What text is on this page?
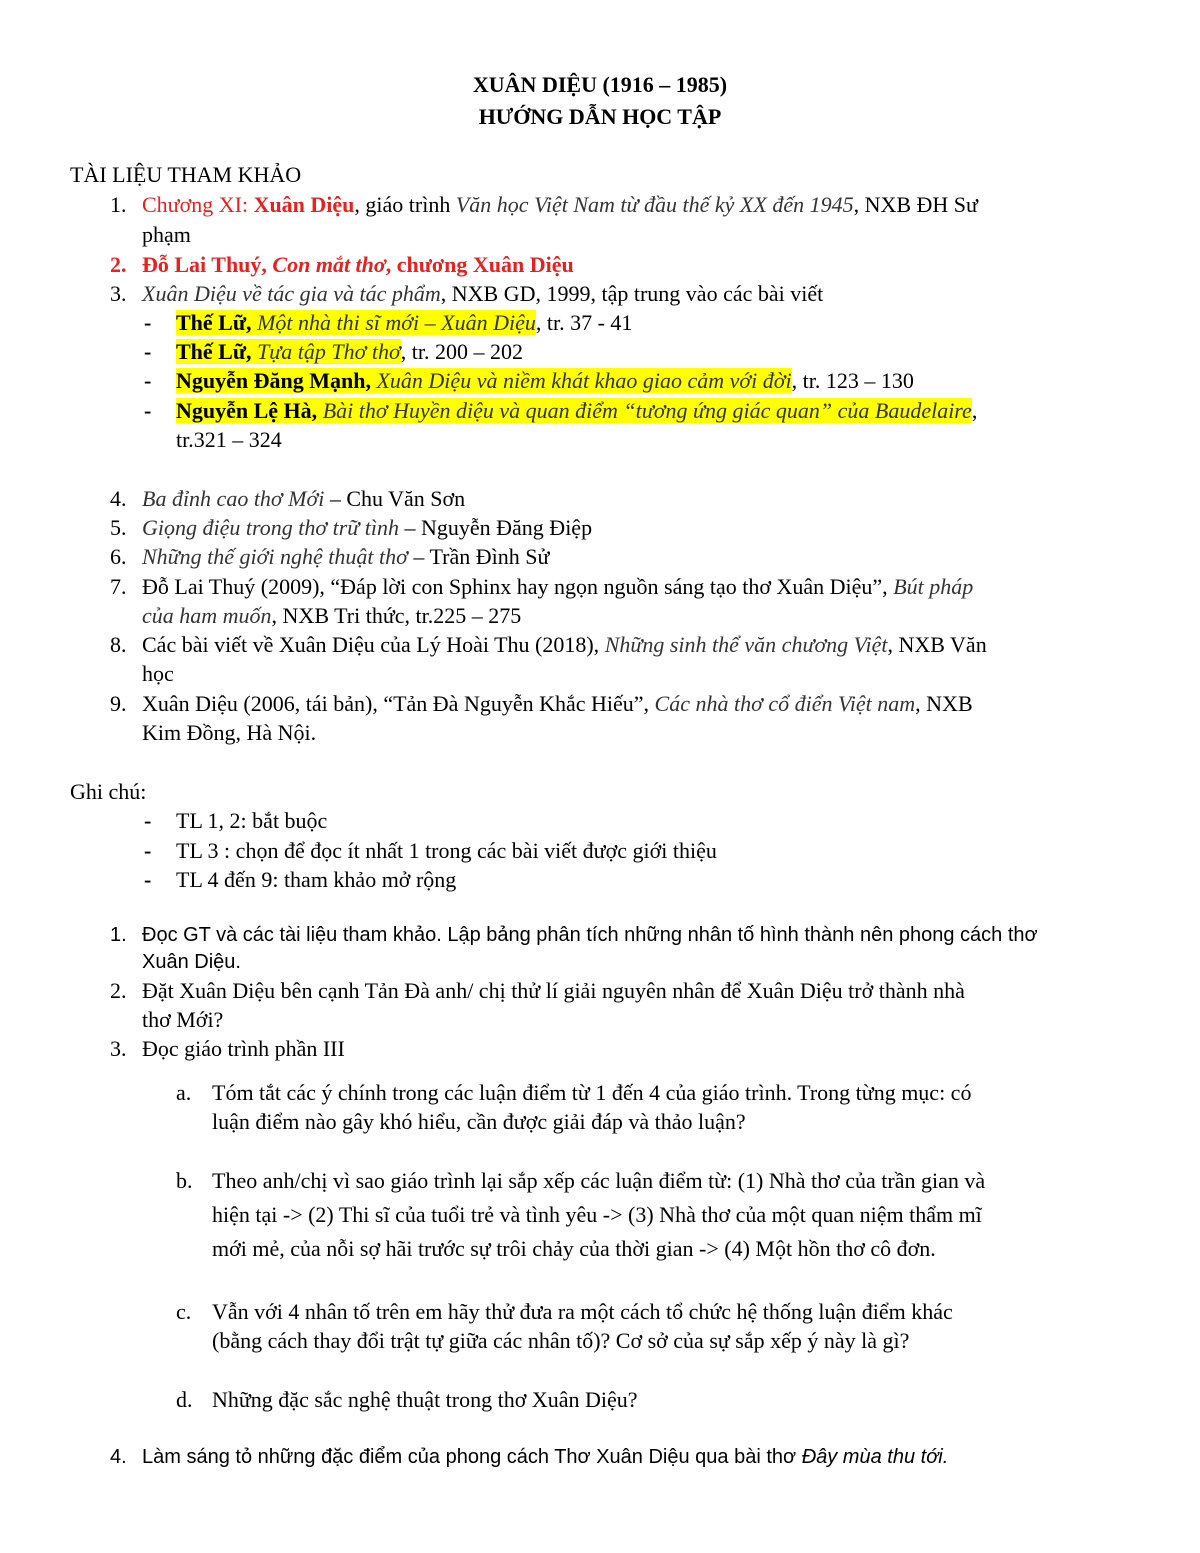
XUÂN DIỆU (1916 – 1985)
HƯỚNG DẪN HỌC TẬP
TÀI LIỆU THAM KHẢO
1. Chương XI: Xuân Diệu, giáo trình Văn học Việt Nam từ đầu thế kỷ XX đến 1945, NXB ĐH Sư
phạm
2. Đỗ Lai Thuý, Con mắt thơ, chương Xuân Diệu
3. Xuân Diệu về tác gia và tác phẩm, NXB GD, 1999, tập trung vào các bài viết
- Thế Lữ, Một nhà thi sĩ mới – Xuân Diệu, tr. 37 - 41
- Thế Lữ, Tựa tập Thơ thơ, tr. 200 – 202
- Nguyễn Đăng Mạnh, Xuân Diệu và niềm khát khao giao cảm với đời, tr. 123 – 130
- Nguyễn Lệ Hà, Bài thơ Huyền diệu và quan điểm “tương ứng giác quan” của Baudelaire,
tr.321 – 324
4. Ba đỉnh cao thơ Mới – Chu Văn Sơn
5. Giọng điệu trong thơ trữ tình – Nguyễn Đăng Điệp
6. Những thế giới nghệ thuật thơ – Trần Đình Sử
7. Đỗ Lai Thuý (2009), “Đáp lời con Sphinx hay ngọn nguồn sáng tạo thơ Xuân Diệu”, Bút pháp
của ham muốn, NXB Tri thức, tr.225 – 275
8. Các bài viết về Xuân Diệu của Lý Hoài Thu (2018), Những sinh thể văn chương Việt, NXB Văn
học
9. Xuân Diệu (2006, tái bản), “Tản Đà Nguyễn Khắc Hiếu”, Các nhà thơ cổ điển Việt nam, NXB
Kim Đồng, Hà Nội.
Ghi chú:
- TL 1, 2: bắt buộc
- TL 3 : chọn để đọc ít nhất 1 trong các bài viết được giới thiệu
- TL 4 đến 9: tham khảo mở rộng
1. Đọc GT và các tài liệu tham khảo. Lập bảng phân tích những nhân tố hình thành nên phong cách thơ
Xuân Diệu.
2. Đặt Xuân Diệu bên cạnh Tản Đà anh/ chị thử lí giải nguyên nhân để Xuân Diệu trở thành nhà
thơ Mới?
3. Đọc giáo trình phần III
a. Tóm tắt các ý chính trong các luận điểm từ 1 đến 4 của giáo trình. Trong từng mục: có
luận điểm nào gây khó hiểu, cần được giải đáp và thảo luận?
b. Theo anh/chị vì sao giáo trình lại sắp xếp các luận điểm từ: (1) Nhà thơ của trần gian và
hiện tại -> (2) Thi sĩ của tuổi trẻ và tình yêu -> (3) Nhà thơ của một quan niệm thẩm mĩ
mới mẻ, của nỗi sợ hãi trước sự trôi chảy của thời gian -> (4) Một hồn thơ cô đơn.
c. Vẫn với 4 nhân tố trên em hãy thử đưa ra một cách tổ chức hệ thống luận điểm khác
(bằng cách thay đổi trật tự giữa các nhân tố)? Cơ sở của sự sắp xếp ý này là gì?
d. Những đặc sắc nghệ thuật trong thơ Xuân Diệu?
4. Làm sáng tỏ những đặc điểm của phong cách Thơ Xuân Diệu qua bài thơ Đây mùa thu tới.
